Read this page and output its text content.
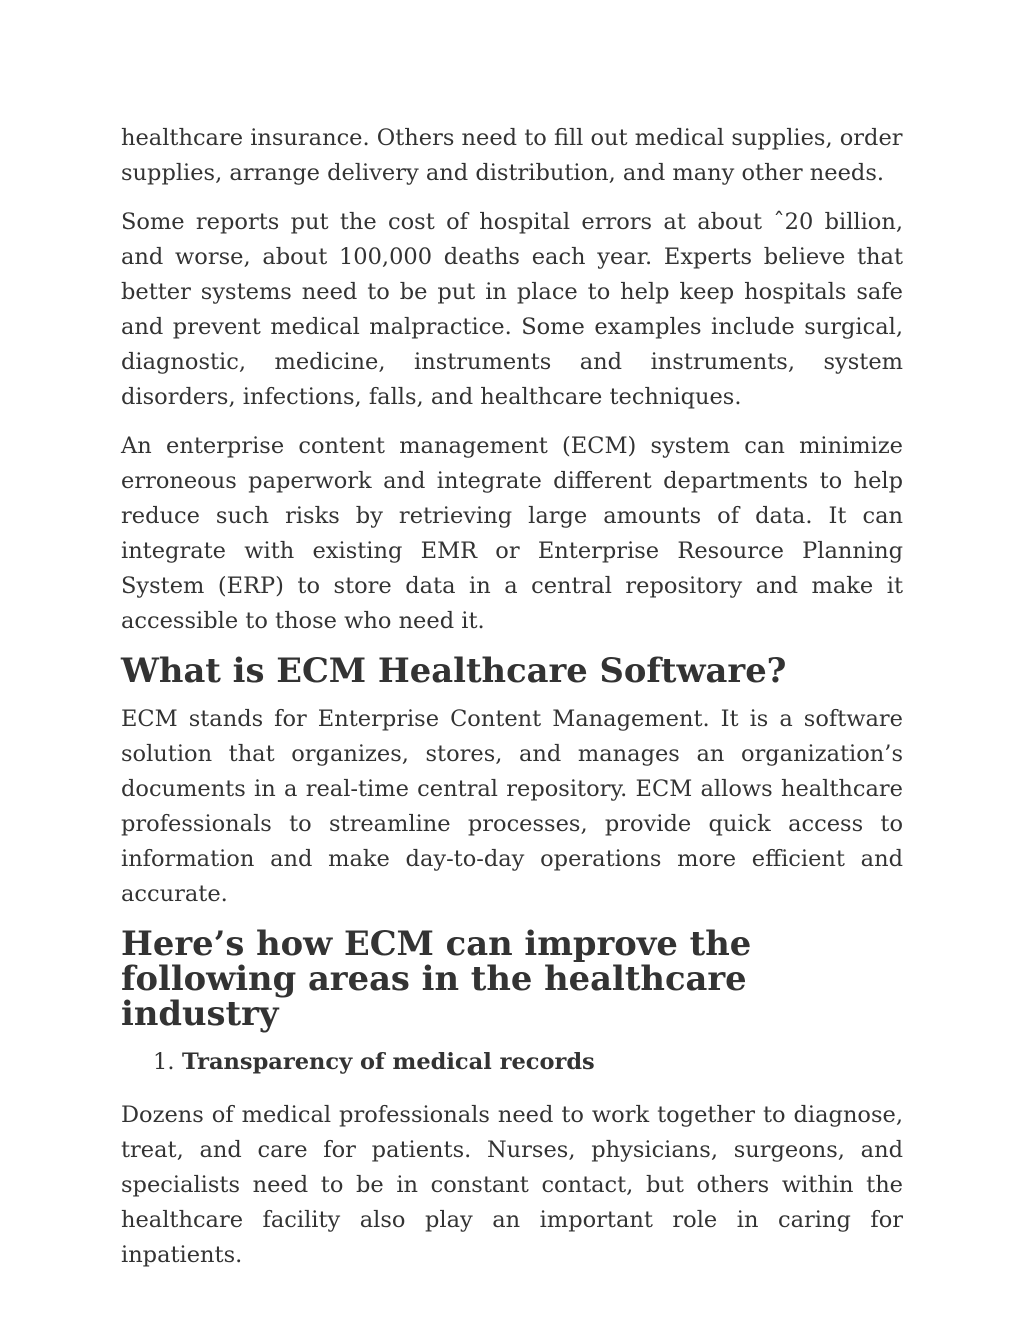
healthcare insurance. Others need to fill out medical supplies, order supplies, arrange delivery and distribution, and many other needs.

Some reports put the cost of hospital errors at about ˆ20 billion, and worse, about 100,000 deaths each year. Experts believe that better systems need to be put in place to help keep hospitals safe and prevent medical malpractice. Some examples include surgical, diagnostic, medicine, instruments and instruments, system disorders, infections, falls, and healthcare techniques.

An enterprise content management (ECM) system can minimize erroneous paperwork and integrate different departments to help reduce such risks by retrieving large amounts of data. It can integrate with existing EMR or Enterprise Resource Planning System (ERP) to store data in a central repository and make it accessible to those who need it.

What is ECM Healthcare Software?

ECM stands for Enterprise Content Management. It is a software solution that organizes, stores, and manages an organization’s documents in a real-time central repository. ECM allows healthcare professionals to streamline processes, provide quick access to information and make day-to-day operations more efficient and accurate.

Here’s how ECM can improve the following areas in the healthcare industry
1. Transparency of medical records

Dozens of medical professionals need to work together to diagnose, treat, and care for patients. Nurses, physicians, surgeons, and specialists need to be in constant contact, but others within the healthcare facility also play an important role in caring for inpatients.
